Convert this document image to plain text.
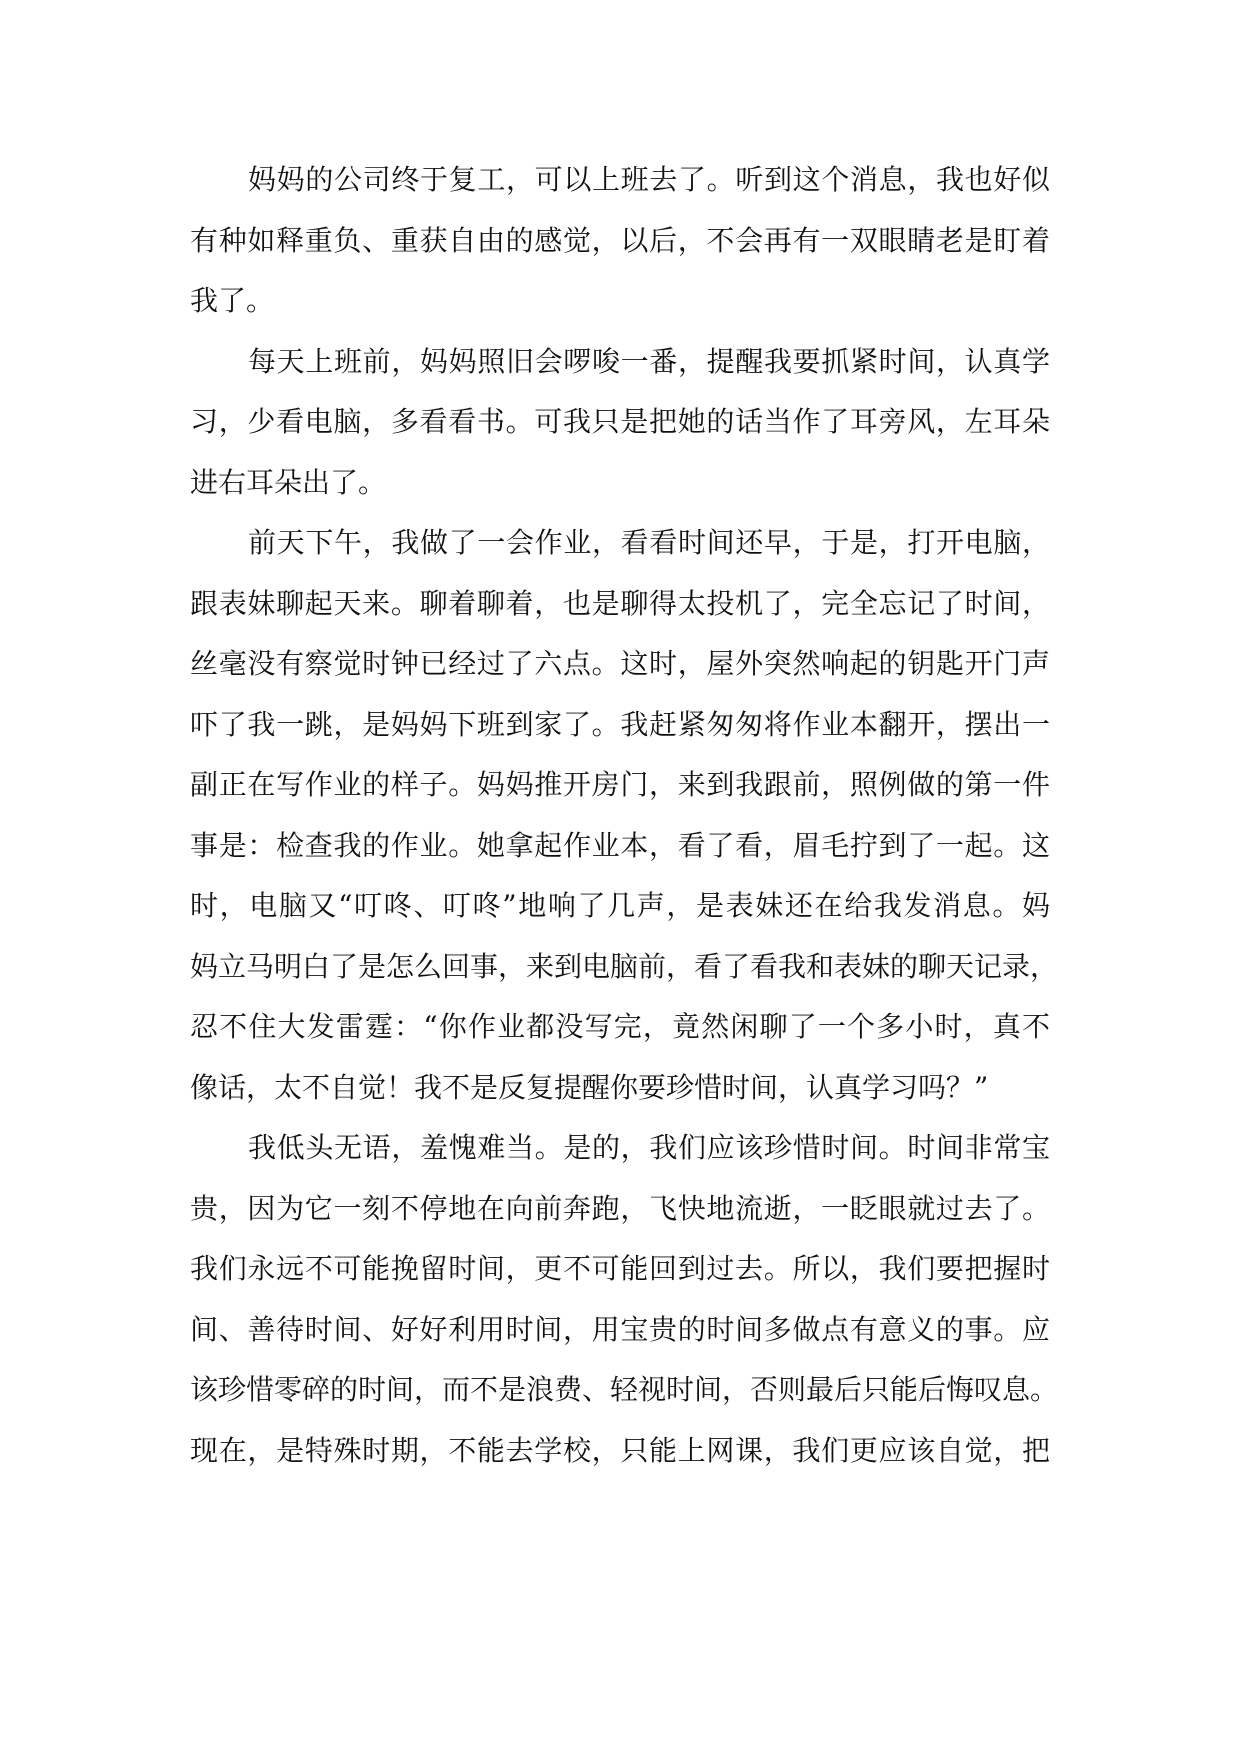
妈妈的公司终于复工，可以上班去了。听到这个消息，我也好似
有种如释重负、重获自由的感觉，以后，不会再有一双眼睛老是盯着
我了。
每天上班前，妈妈照旧会啰唆一番，提醒我要抓紧时间，认真学
习，少看电脑，多看看书。可我只是把她的话当作了耳旁风，左耳朵
进右耳朵出了。
前天下午，我做了一会作业，看看时间还早，于是，打开电脑，
跟表妹聊起天来。聊着聊着，也是聊得太投机了，完全忘记了时间，
丝毫没有察觉时钟已经过了六点。这时，屋外突然响起的钥匙开门声
吓了我一跳，是妈妈下班到家了。我赶紧匆匆将作业本翻开，摆出一
副正在写作业的样子。妈妈推开房门，来到我跟前，照例做的第一件
事是：检查我的作业。她拿起作业本，看了看，眉毛拧到了一起。这
时，电脑又“叮咚、叮咚”地响了几声，是表妹还在给我发消息。妈
妈立马明白了是怎么回事，来到电脑前，看了看我和表妹的聊天记录，
忍不住大发雷霆：“你作业都没写完，竟然闲聊了一个多小时，真不
像话，太不自觉！我不是反复提醒你要珍惜时间，认真学习吗？”
我低头无语，羞愧难当。是的，我们应该珍惜时间。时间非常宝
贵，因为它一刻不停地在向前奔跑，飞快地流逝，一眨眼就过去了。
我们永远不可能挽留时间，更不可能回到过去。所以，我们要把握时
间、善待时间、好好利用时间，用宝贵的时间多做点有意义的事。应
该珍惜零碎的时间，而不是浪费、轻视时间，否则最后只能后悔叹息。
现在，是特殊时期，不能去学校，只能上网课，我们更应该自觉，把
